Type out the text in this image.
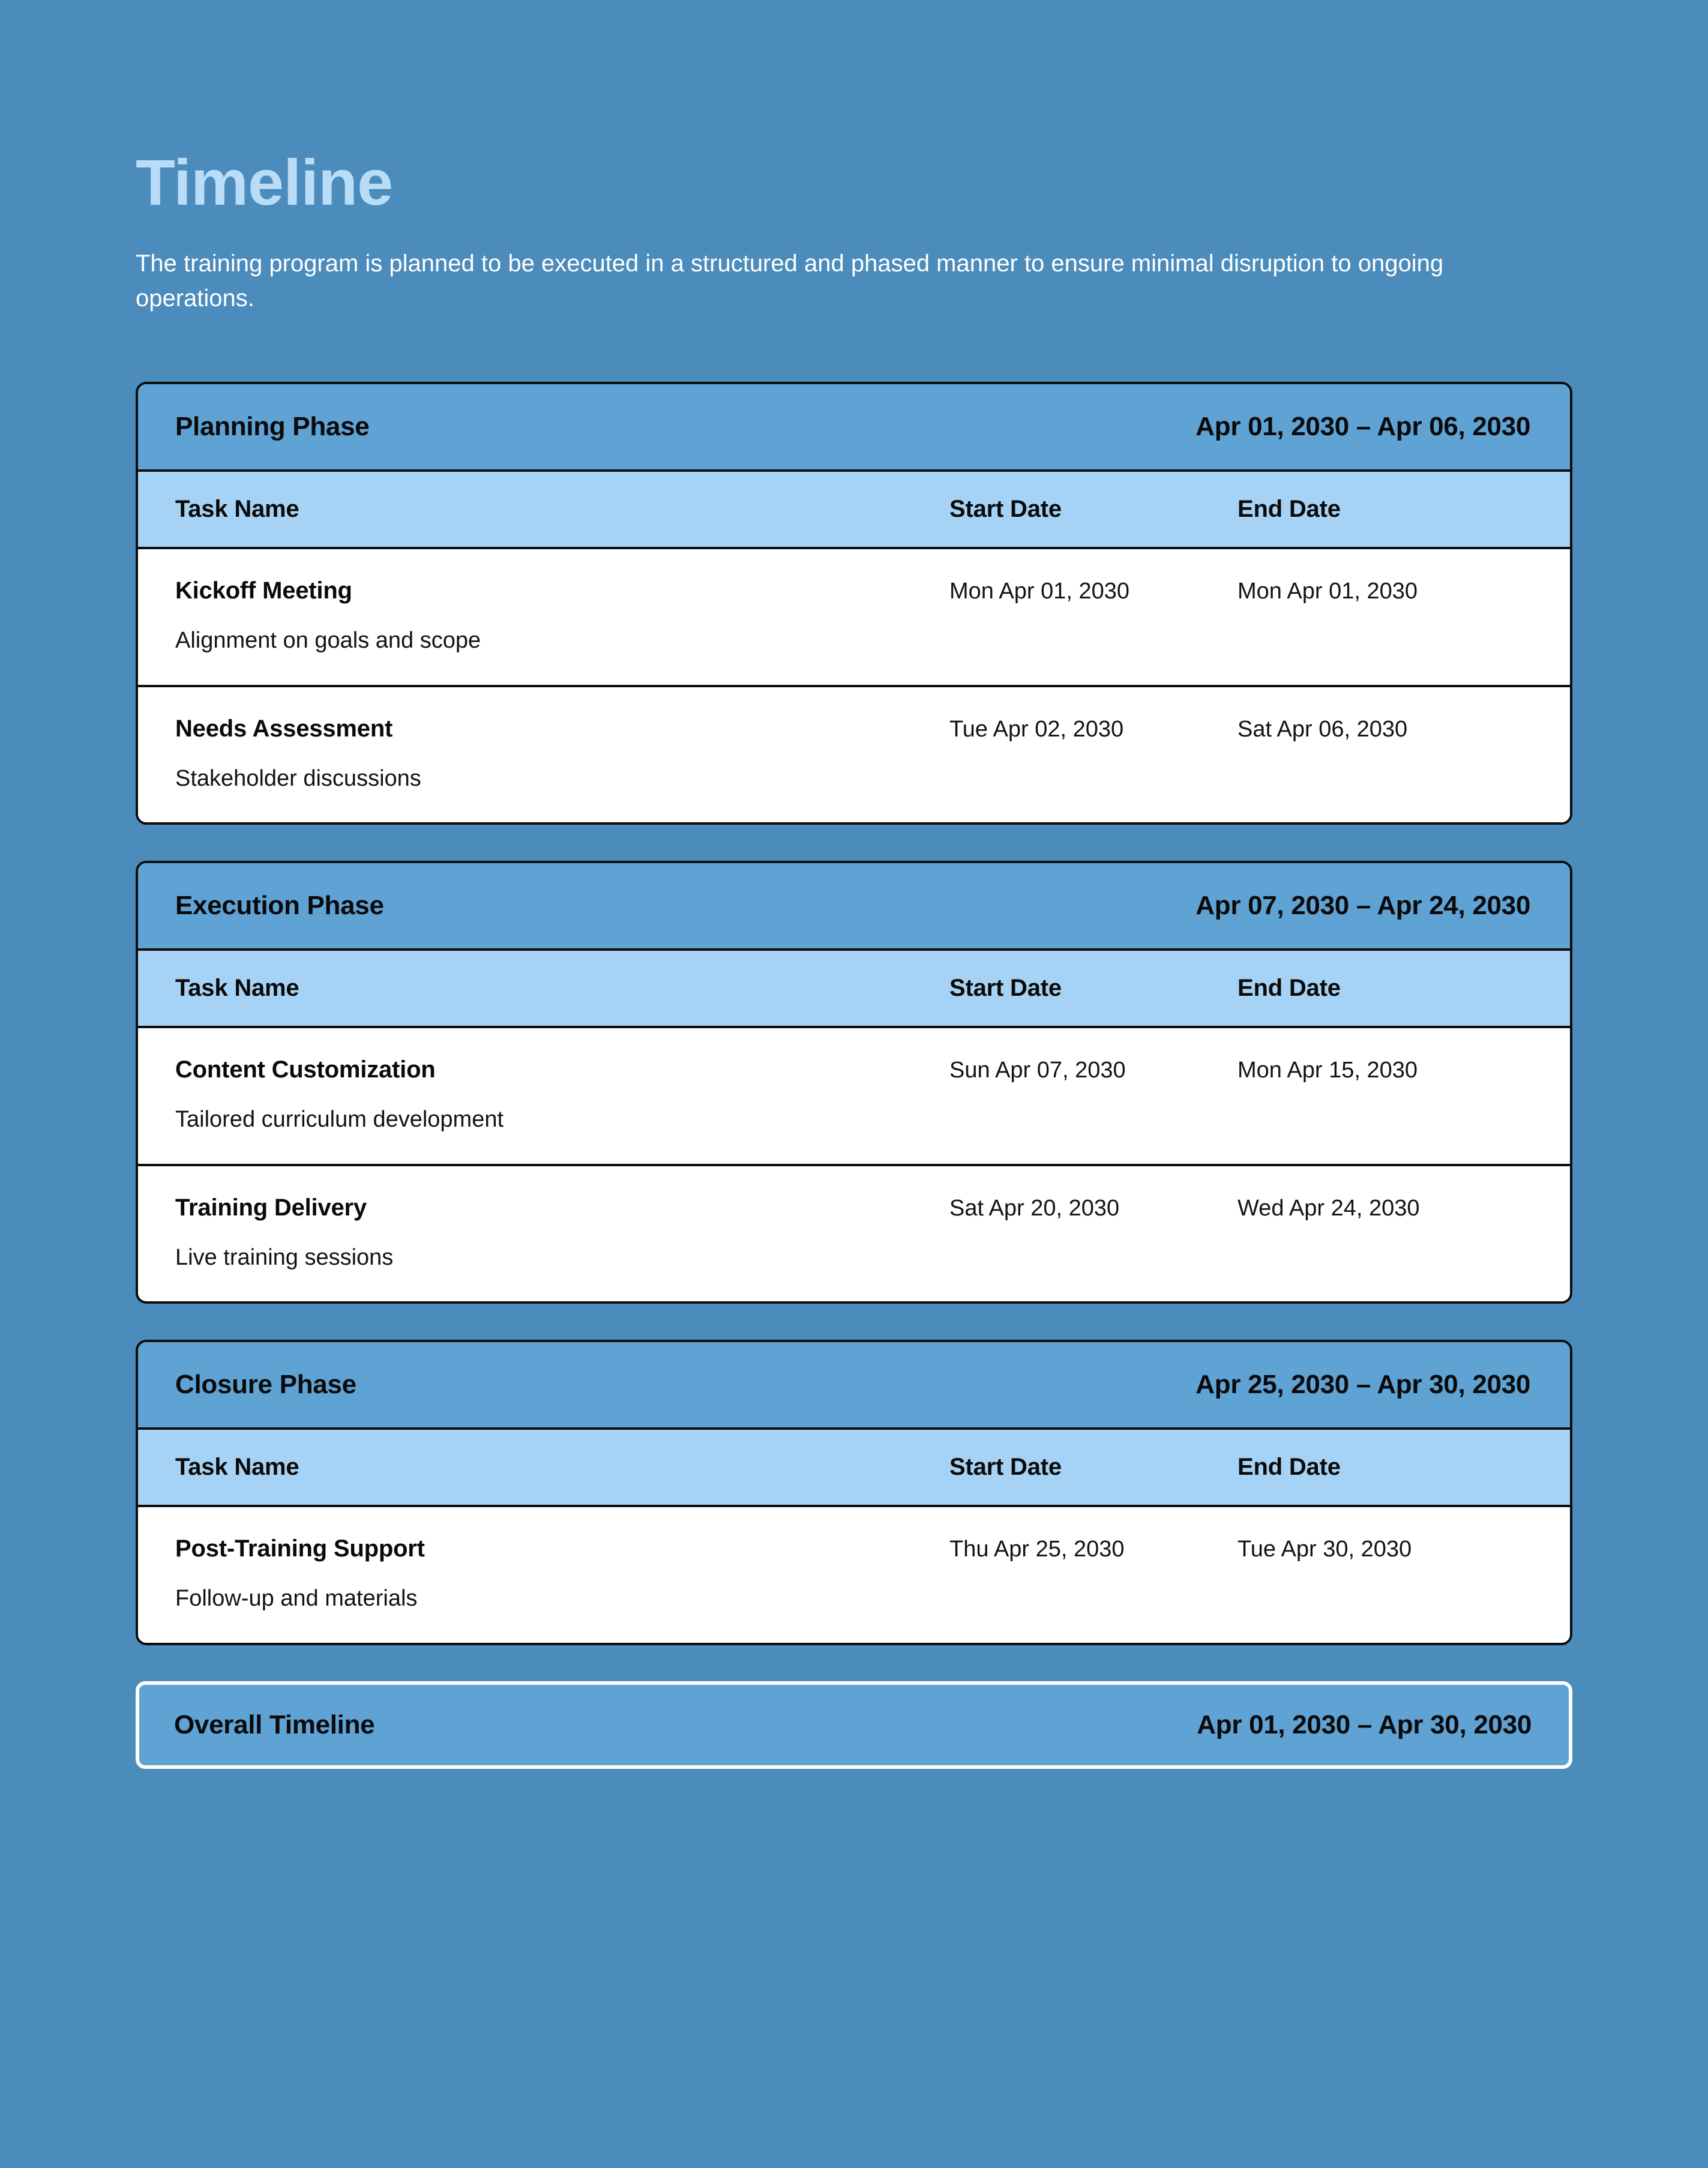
Timeline

The training program is planned to be executed in a structured and phased manner to ensure minimal disruption to ongoing operations.

Planning Phase	Apr 01, 2030 – Apr 06, 2030
Task Name	Start Date	End Date
Kickoff Meeting
Alignment on goals and scope
Mon Apr 01, 2030	Mon Apr 01, 2030
Needs Assessment
Stakeholder discussions
Tue Apr 02, 2030	Sat Apr 06, 2030
Execution Phase	Apr 07, 2030 – Apr 24, 2030
Task Name	Start Date	End Date
Content Customization
Tailored curriculum development
Sun Apr 07, 2030	Mon Apr 15, 2030
Training Delivery
Live training sessions
Sat Apr 20, 2030	Wed Apr 24, 2030
Closure Phase	Apr 25, 2030 – Apr 30, 2030
Task Name	Start Date	End Date
Post-Training Support
Follow-up and materials
Thu Apr 25, 2030	Tue Apr 30, 2030
Overall Timeline	Apr 01, 2030 – Apr 30, 2030
